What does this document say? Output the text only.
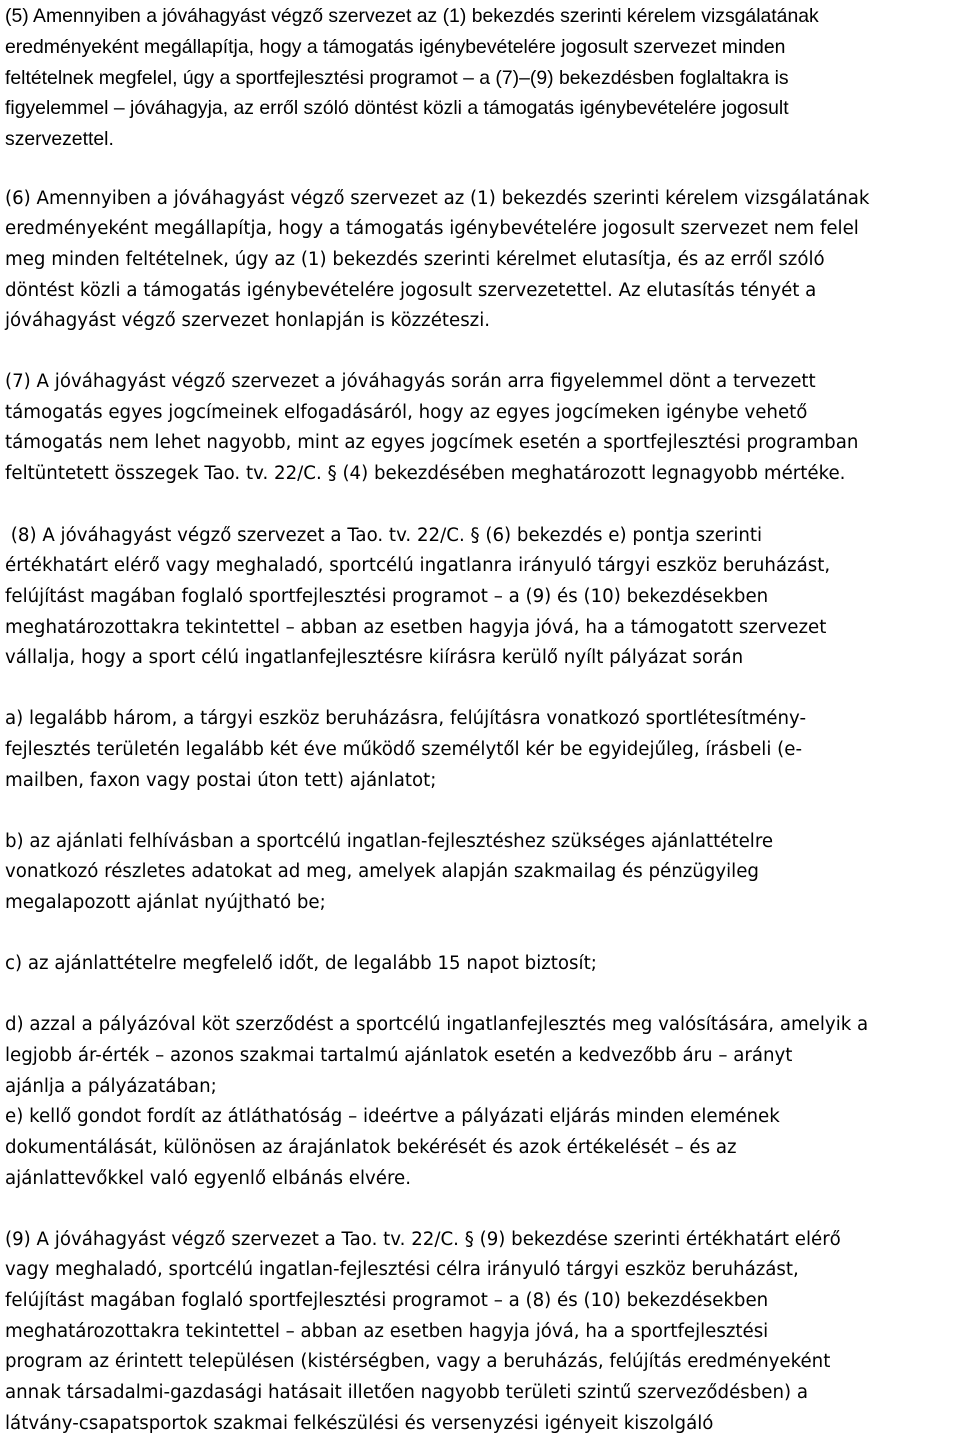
(5) Amennyiben a jóváhagyást végző szervezet az (1) bekezdés szerinti kérelem vizsgálatának
eredményeként megállapítja, hogy a támogatás igénybevételére jogosult szervezet minden
feltételnek megfelel, úgy a sportfejlesztési programot – a (7)–(9) bekezdésben foglaltakra is
figyelemmel – jóváhagyja, az erről szóló döntést közli a támogatás igénybevételére jogosult
szervezettel.
(6) Amennyiben a jóváhagyást végző szervezet az (1) bekezdés szerinti kérelem vizsgálatának
eredményeként megállapítja, hogy a támogatás igénybevételére jogosult szervezet nem felel
meg minden feltételnek, úgy az (1) bekezdés szerinti kérelmet elutasítja, és az erről szóló
döntést közli a támogatás igénybevételére jogosult szervezetettel. Az elutasítás tényét a
jóváhagyást végző szervezet honlapján is közzéteszi.
(7) A jóváhagyást végző szervezet a jóváhagyás során arra figyelemmel dönt a tervezett
támogatás egyes jogcímeinek elfogadásáról, hogy az egyes jogcímeken igénybe vehető
támogatás nem lehet nagyobb, mint az egyes jogcímek esetén a sportfejlesztési programban
feltüntetett összegek Tao. tv. 22/C. § (4) bekezdésében meghatározott legnagyobb mértéke.
(8) A jóváhagyást végző szervezet a Tao. tv. 22/C. § (6) bekezdés e) pontja szerinti
értékhatárt elérő vagy meghaladó, sportcélú ingatlanra irányuló tárgyi eszköz beruházást,
felújítást magában foglaló sportfejlesztési programot – a (9) és (10) bekezdésekben
meghatározottakra tekintettel – abban az esetben hagyja jóvá, ha a támogatott szervezet
vállalja, hogy a sport célú ingatlanfejlesztésre kiírásra kerülő nyílt pályázat során
a) legalább három, a tárgyi eszköz beruházásra, felújításra vonatkozó sportlétesítmény-
fejlesztés területén legalább két éve működő személytől kér be egyidejűleg, írásbeli (e-
mailben, faxon vagy postai úton tett) ajánlatot;
b) az ajánlati felhívásban a sportcélú ingatlan-fejlesztéshez szükséges ajánlattételre
vonatkozó részletes adatokat ad meg, amelyek alapján szakmailag és pénzügyileg
megalapozott ajánlat nyújtható be;
c) az ajánlattételre megfelelő időt, de legalább 15 napot biztosít;
d) azzal a pályázóval köt szerződést a sportcélú ingatlanfejlesztés meg valósítására, amelyik a
legjobb ár-érték – azonos szakmai tartalmú ajánlatok esetén a kedvezőbb áru – arányt
ajánlja a pályázatában;
e) kellő gondot fordít az átláthatóság – ideértve a pályázati eljárás minden elemének
dokumentálását, különösen az árajánlatok bekérését és azok értékelését – és az
ajánlattevőkkel való egyenlő elbánás elvére.
(9) A jóváhagyást végző szervezet a Tao. tv. 22/C. § (9) bekezdése szerinti értékhatárt elérő
vagy meghaladó, sportcélú ingatlan-fejlesztési célra irányuló tárgyi eszköz beruházást,
felújítást magában foglaló sportfejlesztési programot – a (8) és (10) bekezdésekben
meghatározottakra tekintettel – abban az esetben hagyja jóvá, ha a sportfejlesztési
program az érintett településen (kistérségben, vagy a beruházás, felújítás eredményeként
annak társadalmi-gazdasági hatásait illetően nagyobb területi szintű szerveződésben) a
látvány-csapatsportok szakmai felkészülési és versenyzési igényeit kiszolgáló
